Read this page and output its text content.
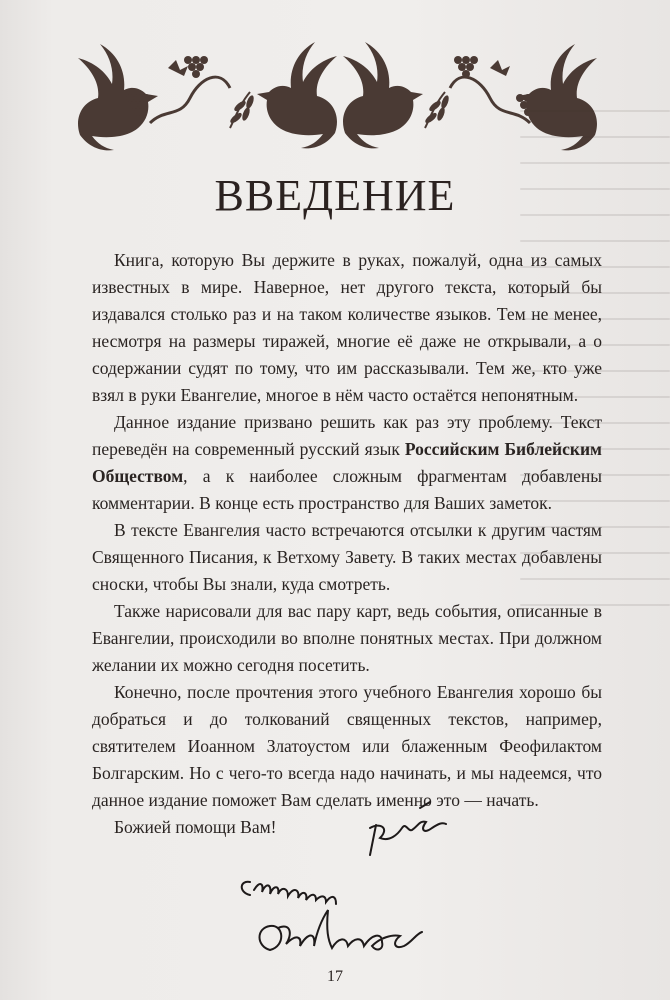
ВВЕДЕНИЕ

Книга, которую Вы держите в руках, пожалуй, одна из самых известных в мире. Наверное, нет другого текста, который бы издавался столько раз и на таком количестве языков. Тем не менее, несмотря на размеры тиражей, многие её даже не открывали, а о содержании судят по тому, что им рассказывали. Тем же, кто уже взял в руки Евангелие, многое в нём часто остаётся непонятным.

Данное издание призвано решить как раз эту проблему. Текст переведён на современный русский язык Российским Библейским Обществом, а к наиболее сложным фрагментам добавлены комментарии. В конце есть пространство для Ваших заметок.

В тексте Евангелия часто встречаются отсылки к другим частям Священного Писания, к Ветхому Завету. В таких местах добавлены сноски, чтобы Вы знали, куда смотреть.

Также нарисовали для вас пару карт, ведь события, описанные в Евангелии, происходили во вполне понятных местах. При должном желании их можно сегодня посетить.

Конечно, после прочтения этого учебного Евангелия хорошо бы добраться и до толкований священных текстов, например, святителем Иоанном Златоустом или блаженным Феофилактом Болгарским. Но с чего-то всегда надо начинать, и мы надеемся, что данное издание поможет Вам сделать именно это — начать.

Божией помощи Вам!

17
